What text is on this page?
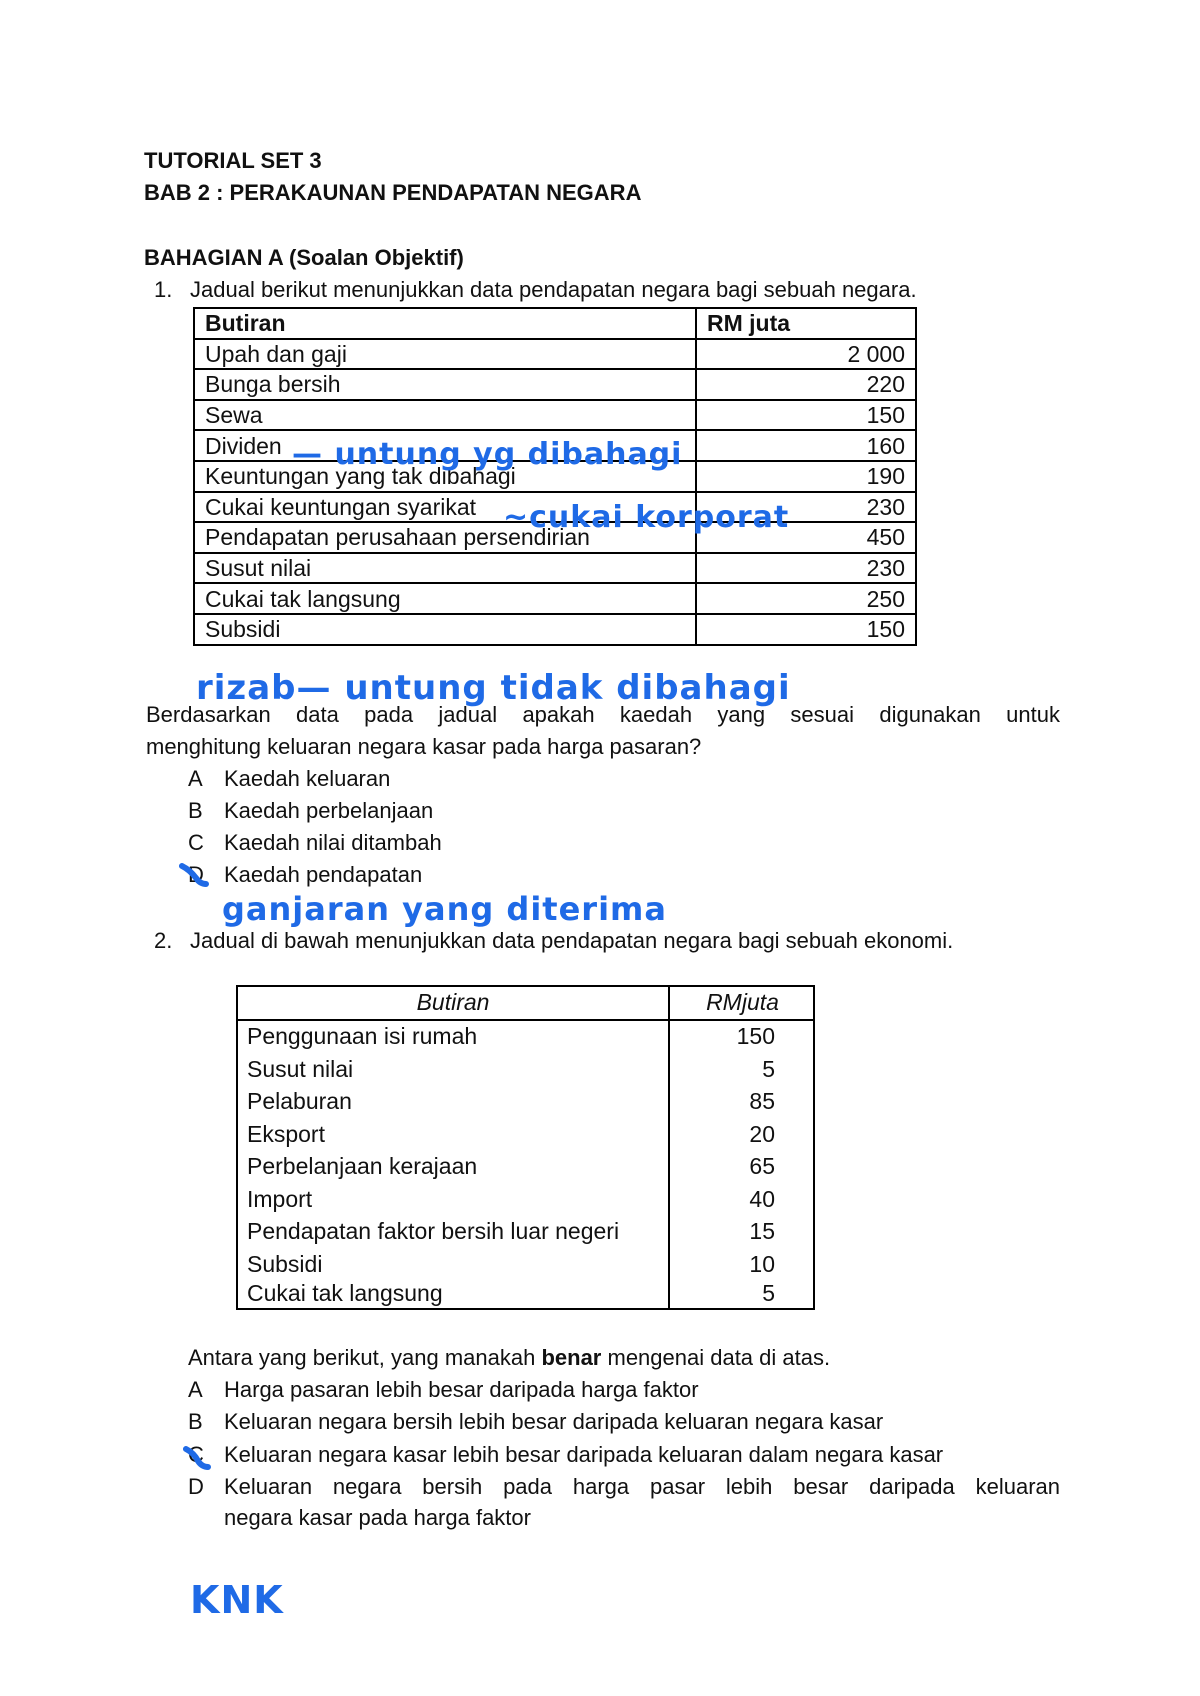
TUTORIAL SET 3
BAB 2 : PERAKAUNAN PENDAPATAN NEGARA
BAHAGIAN A (Soalan Objektif)
1. Jadual berikut menunjukkan data pendapatan negara bagi sebuah negara.
Butiran	RM juta
Upah dan gaji	2 000
Bunga bersih	220
Sewa	150
Dividen	160
Keuntungan yang tak dibahagi	190
Cukai keuntungan syarikat	230
Pendapatan perusahaan persendirian	450
Susut nilai	230
Cukai tak langsung	250
Subsidi	150
Berdasarkan data pada jadual apakah kaedah yang sesuai digunakan untuk
menghitung keluaran negara kasar pada harga pasaran?
A Kaedah keluaran
B Kaedah perbelanjaan
C Kaedah nilai ditambah
D Kaedah pendapatan
2. Jadual di bawah menunjukkan data pendapatan negara bagi sebuah ekonomi.
Butiran	RMjuta
Penggunaan isi rumah	150
Susut nilai	5
Pelaburan	85
Eksport	20
Perbelanjaan kerajaan	65
Import	40
Pendapatan faktor bersih luar negeri	15
Subsidi	10
Cukai tak langsung	5
Antara yang berikut, yang manakah benar mengenai data di atas.
A Harga pasaran lebih besar daripada harga faktor
B Keluaran negara bersih lebih besar daripada keluaran negara kasar
C Keluaran negara kasar lebih besar daripada keluaran dalam negara kasar
D Keluaran negara bersih pada harga pasar lebih besar daripada keluaran
negara kasar pada harga faktor
— untung yg dibahagi
~cukai korporat
rizab— untung tidak dibahagi
ganjaran yang diterima
KNK
